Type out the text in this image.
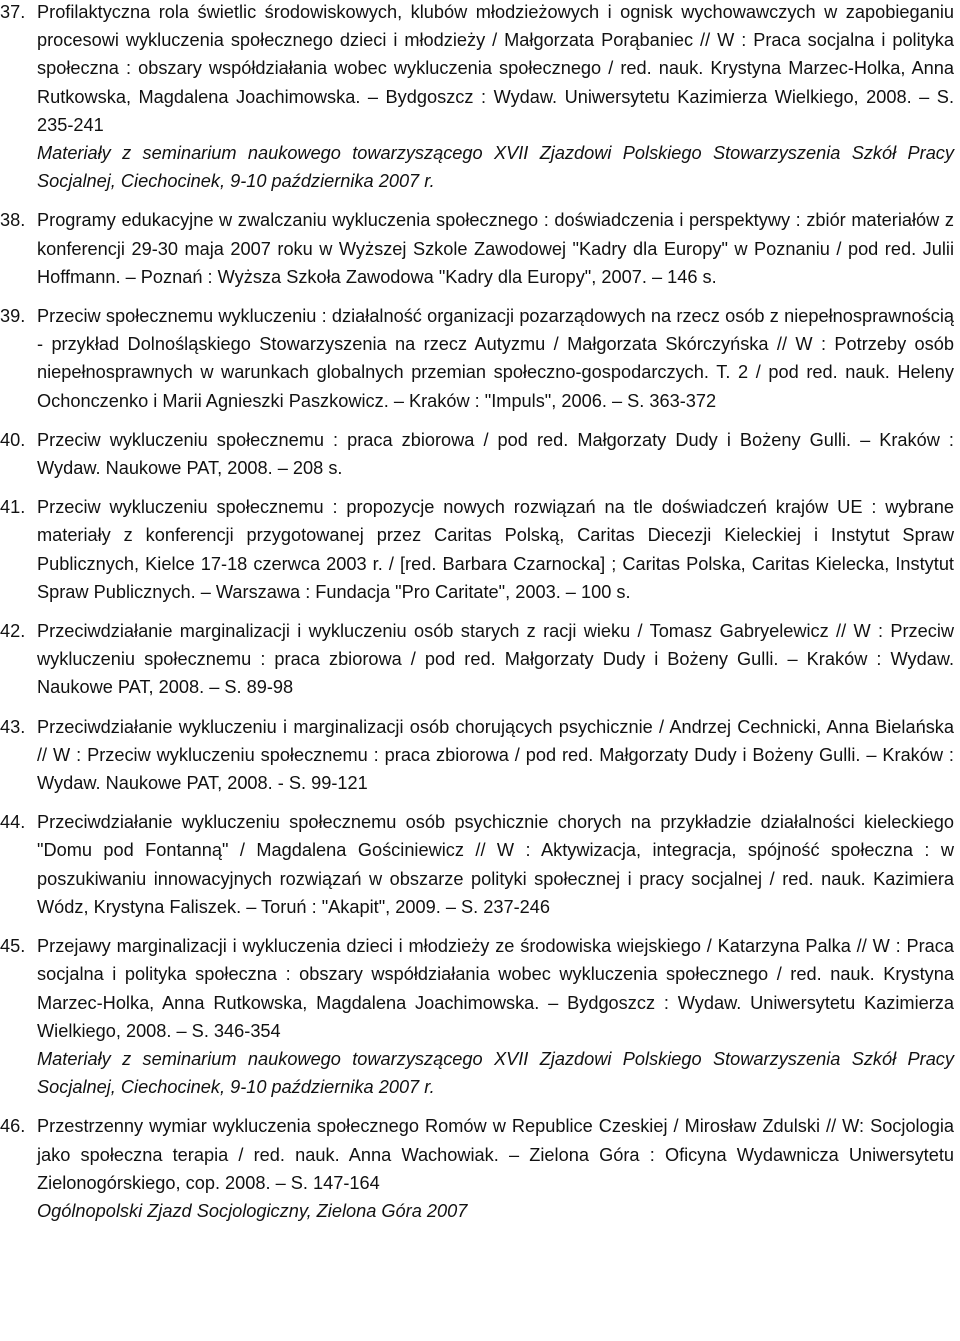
37. Profilaktyczna rola świetlic środowiskowych, klubów młodzieżowych i ognisk wychowawczych w zapobieganiu procesowi wykluczenia społecznego dzieci i młodzieży / Małgorzata Porąbaniec // W : Praca socjalna i polityka społeczna : obszary współdziałania wobec wykluczenia społecznego / red. nauk. Krystyna Marzec-Holka, Anna Rutkowska, Magdalena Joachimowska. – Bydgoszcz : Wydaw. Uniwersytetu Kazimierza Wielkiego, 2008. – S. 235-241
Materiały z seminarium naukowego towarzyszącego XVII Zjazdowi Polskiego Stowarzyszenia Szkół Pracy Socjalnej, Ciechocinek, 9-10 października 2007 r.
38. Programy edukacyjne w zwalczaniu wykluczenia społecznego : doświadczenia i perspektywy : zbiór materiałów z konferencji 29-30 maja 2007 roku w Wyższej Szkole Zawodowej "Kadry dla Europy" w Poznaniu / pod red. Julii Hoffmann. – Poznań : Wyższa Szkoła Zawodowa "Kadry dla Europy", 2007. – 146 s.
39. Przeciw społecznemu wykluczeniu : działalność organizacji pozarządowych na rzecz osób z niepełnosprawnością - przykład Dolnośląskiego Stowarzyszenia na rzecz Autyzmu / Małgorzata Skórczyńska // W : Potrzeby osób niepełnosprawnych w warunkach globalnych przemian społeczno-gospodarczych. T. 2 / pod red. nauk. Heleny Ochonczenko i Marii Agnieszki Paszkowicz. – Kraków : "Impuls", 2006. – S. 363-372
40. Przeciw wykluczeniu społecznemu : praca zbiorowa / pod red. Małgorzaty Dudy i Bożeny Gulli. – Kraków : Wydaw. Naukowe PAT, 2008. – 208 s.
41. Przeciw wykluczeniu społecznemu : propozycje nowych rozwiązań na tle doświadczeń krajów UE : wybrane materiały z konferencji przygotowanej przez Caritas Polską, Caritas Diecezji Kieleckiej i Instytut Spraw Publicznych, Kielce 17-18 czerwca 2003 r. / [red. Barbara Czarnocka] ; Caritas Polska, Caritas Kielecka, Instytut Spraw Publicznych. – Warszawa : Fundacja "Pro Caritate", 2003. – 100 s.
42. Przeciwdziałanie marginalizacji i wykluczeniu osób starych z racji wieku / Tomasz Gabryelewicz // W : Przeciw wykluczeniu społecznemu : praca zbiorowa / pod red. Małgorzaty Dudy i Bożeny Gulli. – Kraków : Wydaw. Naukowe PAT, 2008. – S. 89-98
43. Przeciwdziałanie wykluczeniu i marginalizacji osób chorujących psychicznie / Andrzej Cechnicki, Anna Bielańska // W : Przeciw wykluczeniu społecznemu : praca zbiorowa / pod red. Małgorzaty Dudy i Bożeny Gulli. – Kraków : Wydaw. Naukowe PAT, 2008. - S. 99-121
44. Przeciwdziałanie wykluczeniu społecznemu osób psychicznie chorych na przykładzie działalności kieleckiego "Domu pod Fontanną" / Magdalena Gościniewicz // W : Aktywizacja, integracja, spójność społeczna : w poszukiwaniu innowacyjnych rozwiązań w obszarze polityki społecznej i pracy socjalnej / red. nauk. Kazimiera Wódz, Krystyna Faliszek. – Toruń : "Akapit", 2009. – S. 237-246
45. Przejawy marginalizacji i wykluczenia dzieci i młodzieży ze środowiska wiejskiego / Katarzyna Palka // W : Praca socjalna i polityka społeczna : obszary współdziałania wobec wykluczenia społecznego / red. nauk. Krystyna Marzec-Holka, Anna Rutkowska, Magdalena Joachimowska. – Bydgoszcz : Wydaw. Uniwersytetu Kazimierza Wielkiego, 2008. – S. 346-354
Materiały z seminarium naukowego towarzyszącego XVII Zjazdowi Polskiego Stowarzyszenia Szkół Pracy Socjalnej, Ciechocinek, 9-10 października 2007 r.
46. Przestrzenny wymiar wykluczenia społecznego Romów w Republice Czeskiej / Mirosław Zdulski // W: Socjologia jako społeczna terapia / red. nauk. Anna Wachowiak. – Zielona Góra : Oficyna Wydawnicza Uniwersytetu Zielonogórskiego, cop. 2008. – S. 147-164
Ogólnopolski Zjazd Socjologiczny, Zielona Góra 2007
